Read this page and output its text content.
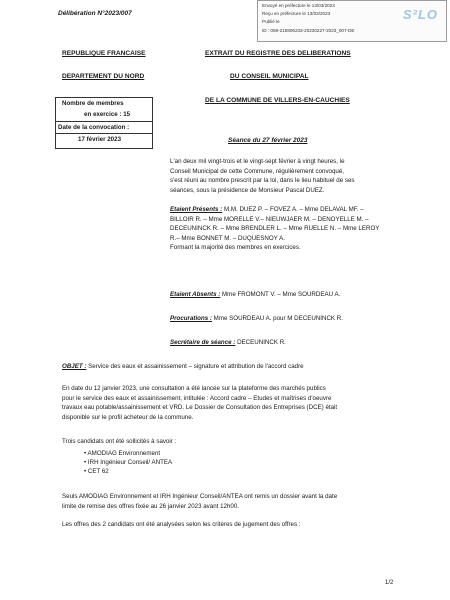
Délibération N°2023/007
Envoyé en préfecture le 13/03/2023
Reçu en préfecture le 13/03/2023
Publié le
ID : 059-215906233-20230227-2023_007-DE
S²LO
REPUBLIQUE FRANCAISE
DEPARTEMENT DU NORD
Nombre de membres
en exercice : 15
Date de la convocation :
17 février 2023
EXTRAIT DU REGISTRE DES DELIBERATIONS
DU CONSEIL MUNICIPAL
DE LA COMMUNE DE VILLERS-EN-CAUCHIES
Séance du 27 février 2023
L'an deux mil vingt-trois et le vingt-sept février à vingt heures, le
Conseil Municipal de cette Commune, régulièrement convoqué,
s'est réuni au nombre prescrit par la loi, dans le lieu habituel de ses
séances, sous la présidence de Monsieur Pascal DUEZ.
Etaient Présents : M.M. DUEZ P. – FOVEZ A. – Mme DELAVAL MF. –
BILLOIR R. – Mme MORELLE V.– NIEUWJAER M. – DENOYELLE M. –
DECEUNINCK R. – Mme BRENDLER L. – Mme RUELLE N. – Mme LEROY
R.– Mme BONNET M. – DUQUESNOY A.
Formant la majorité des membres en exercices.
Etaient Absents : Mme FROMONT V. – Mme SOURDEAU A.
Procurations : Mme SOURDEAU A. pour M DECEUNINCK R.
Secrétaire de séance : DECEUNINCK R.
OBJET : Service des eaux et assainissement – signature et attribution de l'accord cadre
En date du 12 janvier 2023, une consultation a été lancée sur la plateforme des marchés publics
pour le service des eaux et assainissement, intitulée : Accord cadre – Etudes et maîtrises d'oeuvre
travaux eau potable/assainissement et VRD. Le Dossier de Consultation des Entreprises (DCE) était
disponible sur le profil acheteur de la commune.
Trois candidats ont été sollicités à savoir :
• AMODIAG Environnement
• IRH Ingénieur Conseil/ ANTEA
• CET 62
Seuls AMODIAG Environnement et IRH Ingénieur Conseil/ANTEA ont remis un dossier avant la date
limite de remise des offres fixée au 26 janvier 2023 avant 12h00.
Les offres des 2 candidats ont été analysées selon les critères de jugement des offres :
1/2
